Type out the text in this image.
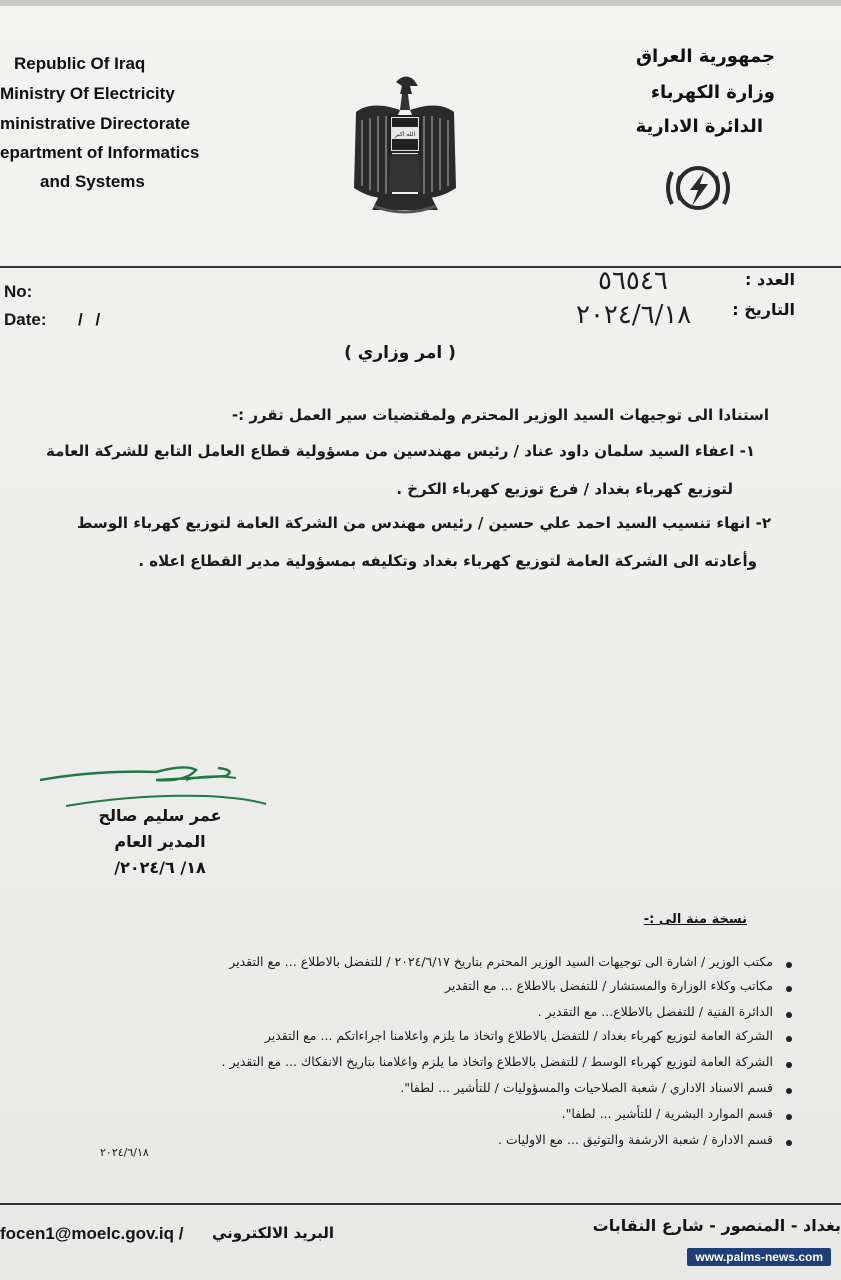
Republic Of Iraq
Ministry Of Electricity
ministrative Directorate
epartment of Informatics
and Systems
الله اكبر
جمهورية العراق
وزارة الكهرباء
الدائرة الادارية
No:
Date: / /
العدد :
٥٦٥٤٦
التاريخ :
٢٠٢٤/٦/١٨
( امر وزاري )
استنادا الى توجيهات السيد الوزير المحترم ولمقتضيات سير العمل تقرر :-
١- اعفاء السيد سلمان داود عناد / رئيس مهندسين من مسؤولية قطاع العامل التابع للشركة العامة
لتوزيع كهرباء بغداد / فرع توزيع كهرباء الكرخ .
٢- انهاء تنسيب السيد احمد علي حسين / رئيس مهندس من الشركة العامة لتوزيع كهرباء الوسط
وأعادته الى الشركة العامة لتوزيع كهرباء بغداد وتكليفه بمسؤولية مدير القطاع اعلاه .
عمر سليم صالح
المدير العام
١٨/ ٢٠٢٤/٦/
نسخة منة الى :-
مكتب الوزير / اشارة الى توجيهات السيد الوزير المحترم بتاريخ ٢٠٢٤/٦/١٧ / للتفضل بالاطلاع ... مع التقدير
مكاتب وكلاء الوزارة والمستشار / للتفضل بالاطلاع ... مع التقدير
الدائرة الفنية / للتفضل بالاطلاع... مع التقدير .
الشركة العامة لتوزيع كهرباء بغداد / للتفضل بالاطلاع واتخاذ ما يلزم واعلامنا اجراءاتكم ... مع التقدير
الشركة العامة لتوزيع كهرباء الوسط / للتفضل بالاطلاع واتخاذ ما يلزم واعلامنا بتاريخ الانفكاك ... مع التقدير .
قسم الاسناد الاداري / شعبة الصلاحيات والمسؤوليات / للتأشير ... لطفا".
قسم الموارد البشرية / للتأشير ... لطفا".
قسم الادارة / شعبة الارشفة والتوثيق ... مع الاوليات .
٢٠٢٤/٦/١٨
focen1@moelc.gov.iq / البريد الالكتروني	بغداد - المنصور - شارع النقابات
www.palms-news.com
